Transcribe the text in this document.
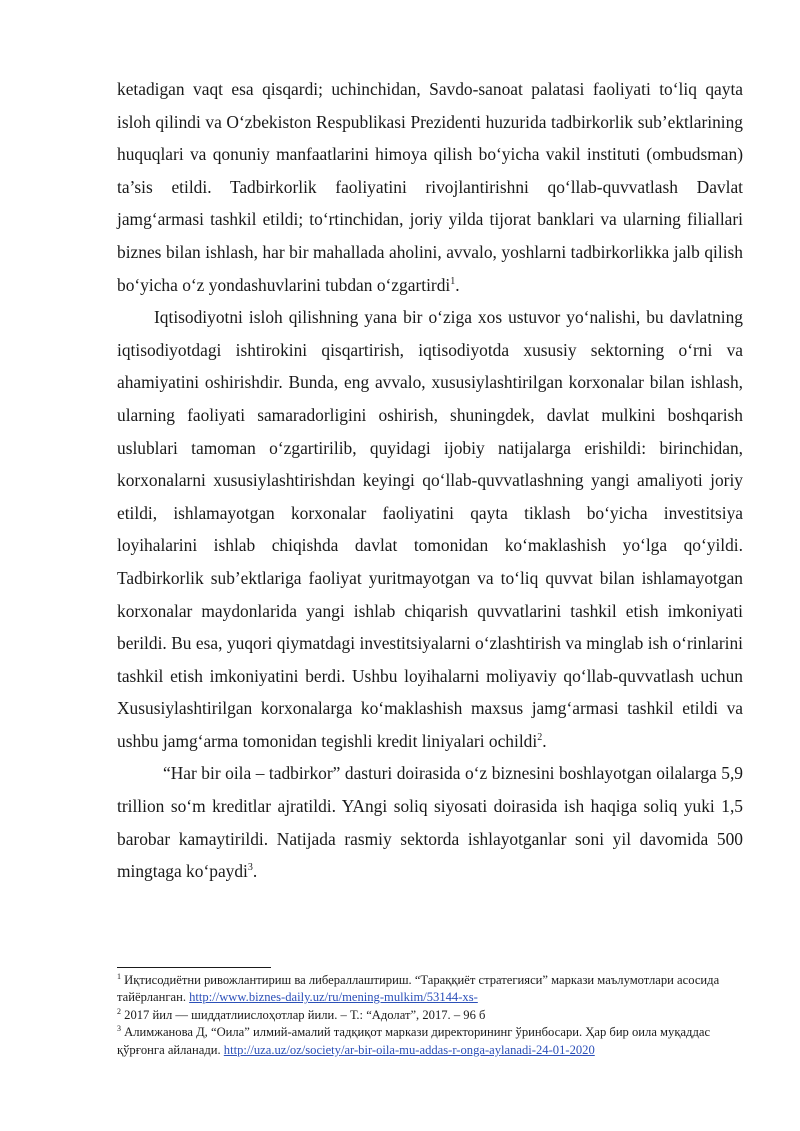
ketadigan vaqt esa qisqardi; uchinchidan, Savdo-sanoat palatasi faoliyati to‘liq qayta isloh qilindi va O‘zbekiston Respublikasi Prezidenti huzurida tadbirkorlik sub’ektlarining huquqlari va qonuniy manfaatlarini himoya qilish bo‘yicha vakil instituti (ombudsman) ta’sis etildi. Tadbirkorlik faoliyatini rivojlantirishni qo‘llab-quvvatlash Davlat jamg‘armasi tashkil etildi; to‘rtinchidan, joriy yilda tijorat banklari va ularning filiallari biznes bilan ishlash, har bir mahallada aholini, avvalo, yoshlarni tadbirkorlikka jalb qilish bo‘yicha o‘z yondashuvlarini tubdan o‘zgartirdi$^1$.

Iqtisodiyotni isloh qilishning yana bir o‘ziga xos ustuvor yo‘nalishi, bu davlatning iqtisodiyotdagi ishtirokini qisqartirish, iqtisodiyotda xususiy sektorning o‘rni va ahamiyatini oshirishdir. Bunda, eng avvalo, xususiylashtirilgan korxonalar bilan ishlash, ularning faoliyati samaradorligini oshirish, shuningdek, davlat mulkini boshqarish uslublari tamoman o‘zgartirilib, quyidagi ijobiy natijalarga erishildi: birinchidan, korxonalarni xususiylashtirishdan keyingi qo‘llab-quvvatlashning yangi amaliyoti joriy etildi, ishlamayotgan korxonalar faoliyatini qayta tiklash bo‘yicha investitsiya loyihalarini ishlab chiqishda davlat tomonidan ko‘maklashish yo‘lga qo‘yildi. Tadbirkorlik sub’ektlariga faoliyat yuritmayotgan va to‘liq quvvat bilan ishlamayotgan korxonalar maydonlarida yangi ishlab chiqarish quvvatlarini tashkil etish imkoniyati berildi. Bu esa, yuqori qiymatdagi investitsiyalarni o‘zlashtirish va minglab ish o‘rinlarini tashkil etish imkoniyatini berdi. Ushbu loyihalarni moliyaviy qo‘llab-quvvatlash uchun Xususiylashtirilgan korxonalarga ko‘maklashish maxsus jamg‘armasi tashkil etildi va ushbu jamg‘arma tomonidan tegishli kredit liniyalari ochildi$^2$.

“Har bir oila – tadbirkor” dasturi doirasida o‘z biznesini boshlayotgan oilalarga 5,9 trillion so‘m kreditlar ajratildi. YAngi soliq siyosati doirasida ish haqiga soliq yuki 1,5 barobar kamaytirildi. Natijada rasmiy sektorda ishlayotganlar soni yil davomida 500 mingtaga ko‘paydi$^3$.

$^1$ Иқтисодиётни ривожлантириш ва либераллаштириш. “Тараққиёт стратегияси” маркази маълумотлари асосида тайёрланган. http://www.biznes-daily.uz/ru/mening-mulkim/53144-xs-

$^2$ 2017 йил — шиддатлиислоҳотлар йили. – Т.: “Адолат”, 2017. – 96 б

$^3$ Алимжанова Д, “Оила” илмий-амалий тадқиқот маркази директорининг ўринбосари. Ҳар бир оила муқаддас қўрғонга айланади. http://uza.uz/oz/society/ar-bir-oila-mu-addas-r-onga-aylanadi-24-01-2020
